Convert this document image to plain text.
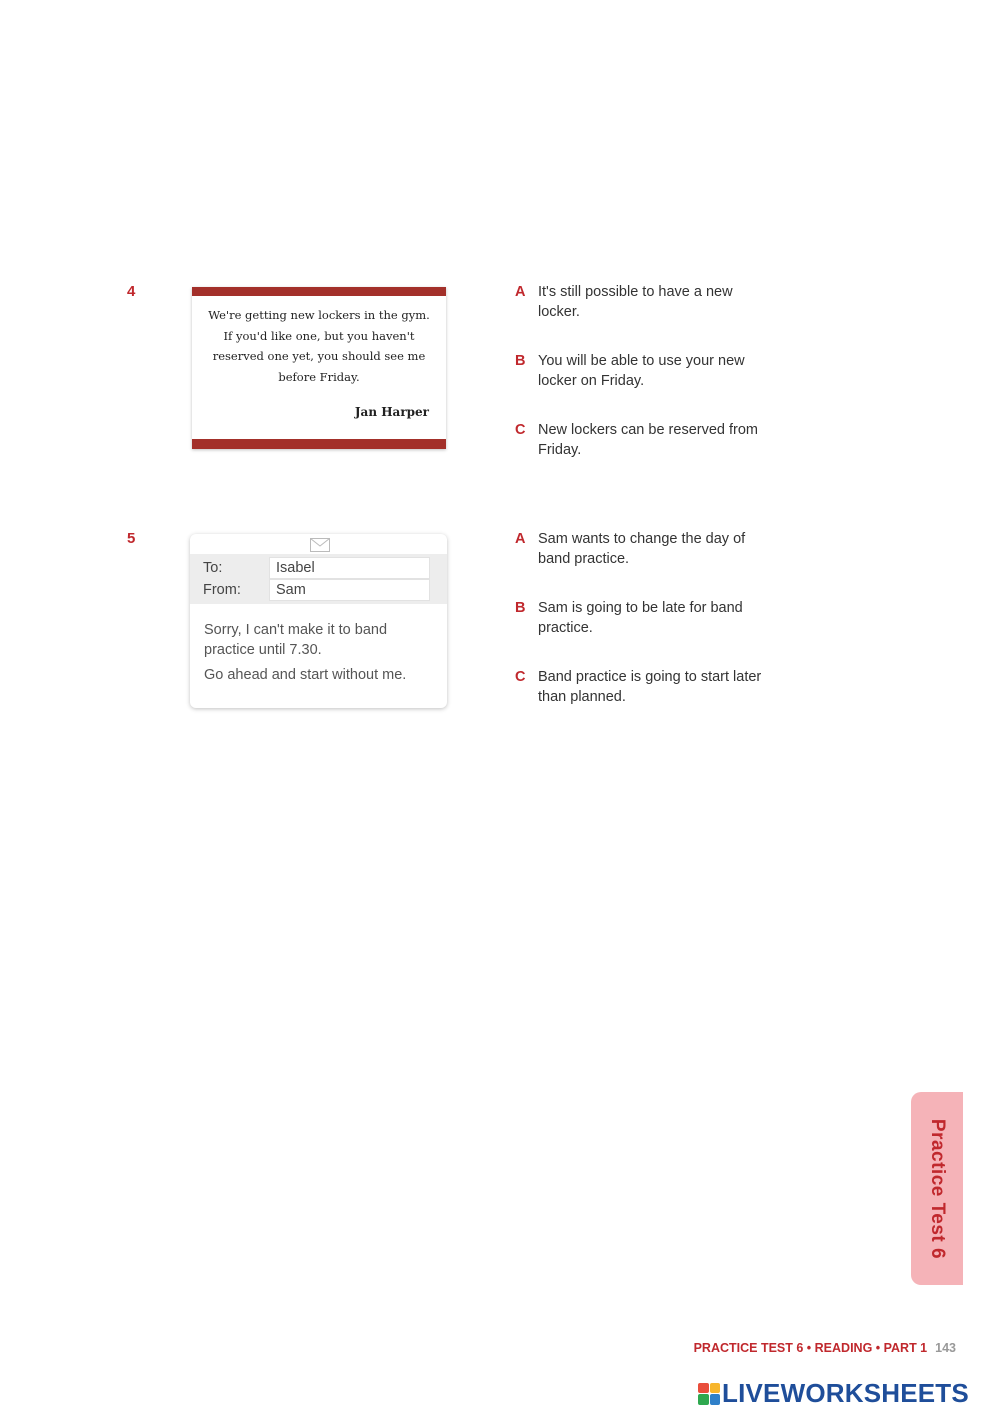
4
We're getting new lockers in the gym. If you'd like one, but you haven't reserved one yet, you should see me before Friday.
Jan Harper
A It's still possible to have a new locker.
B You will be able to use your new locker on Friday.
C New lockers can be reserved from Friday.
5
To:	Isabel
From:	Sam

Sorry, I can't make it to band practice until 7.30.

Go ahead and start without me.

A Sam wants to change the day of band practice.
B Sam is going to be late for band practice.
C Band practice is going to start later than planned.
Practice Test 6
PRACTICE TEST 6 • READING • PART 1 143
LIVEWORKSHEETS
